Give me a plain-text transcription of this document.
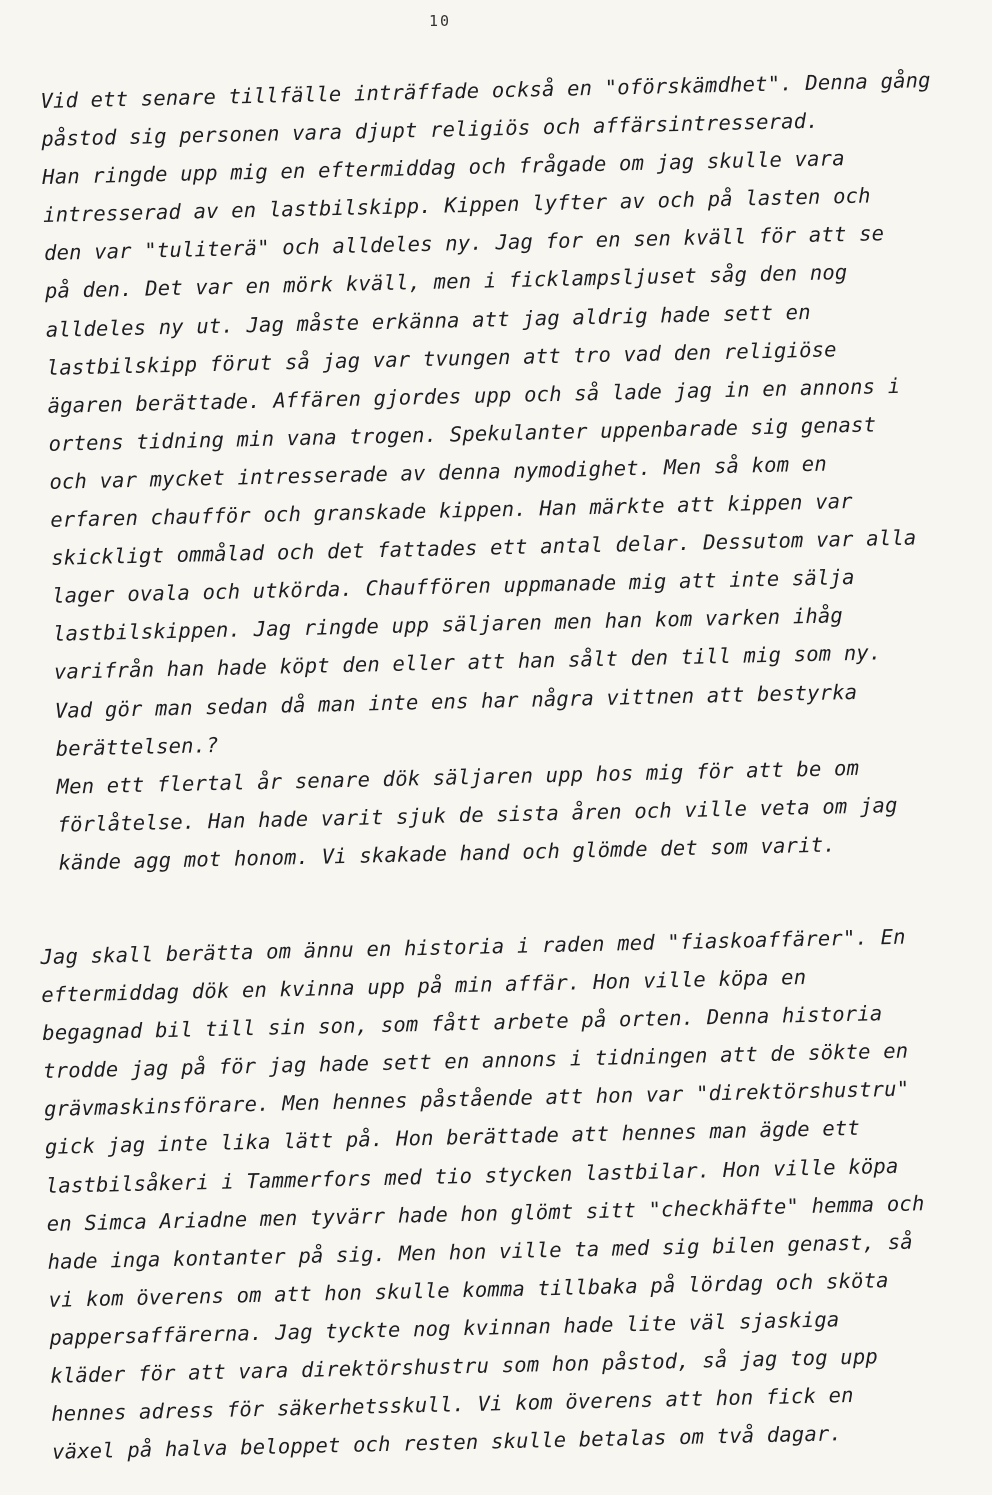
10
Vid ett senare tillfälle inträffade också en "oförskämdhet". Denna gång
påstod sig personen vara djupt religiös och affärsintresserad.
Han ringde upp mig en eftermiddag och frågade om jag skulle vara
intresserad av en lastbilskipp. Kippen lyfter av och på lasten och
den var "tuliterä" och alldeles ny. Jag for en sen kväll för att se
på den. Det var en mörk kväll, men i ficklampsljuset såg den nog
alldeles ny ut. Jag måste erkänna att jag aldrig hade sett en
lastbilskipp förut så jag var tvungen att tro vad den religiöse
ägaren berättade. Affären gjordes upp och så lade jag in en annons i
ortens tidning min vana trogen. Spekulanter uppenbarade sig genast
och var mycket intresserade av denna nymodighet. Men så kom en
erfaren chaufför och granskade kippen. Han märkte att kippen var
skickligt ommålad och det fattades ett antal delar. Dessutom var alla
lager ovala och utkörda. Chauffören uppmanade mig att inte sälja
lastbilskippen. Jag ringde upp säljaren men han kom varken ihåg
varifrån han hade köpt den eller att han sålt den till mig som ny.
Vad gör man sedan då man inte ens har några vittnen att bestyrka
berättelsen.?
Men ett flertal år senare dök säljaren upp hos mig för att be om
förlåtelse. Han hade varit sjuk de sista åren och ville veta om jag
kände agg mot honom. Vi skakade hand och glömde det som varit.
Jag skall berätta om ännu en historia i raden med "fiaskoaffärer". En
eftermiddag dök en kvinna upp på min affär. Hon ville köpa en
begagnad bil till sin son, som fått arbete på orten. Denna historia
trodde jag på för jag hade sett en annons i tidningen att de sökte en
grävmaskinsförare. Men hennes påstående att hon var "direktörshustru"
gick jag inte lika lätt på. Hon berättade att hennes man ägde ett
lastbilsåkeri i Tammerfors med tio stycken lastbilar. Hon ville köpa
en Simca Ariadne men tyvärr hade hon glömt sitt "checkhäfte" hemma och
hade inga kontanter på sig. Men hon ville ta med sig bilen genast, så
vi kom överens om att hon skulle komma tillbaka på lördag och sköta
pappersaffärerna. Jag tyckte nog kvinnan hade lite väl sjaskiga
kläder för att vara direktörshustru som hon påstod, så jag tog upp
hennes adress för säkerhetsskull. Vi kom överens att hon fick en
växel på halva beloppet och resten skulle betalas om två dagar.
